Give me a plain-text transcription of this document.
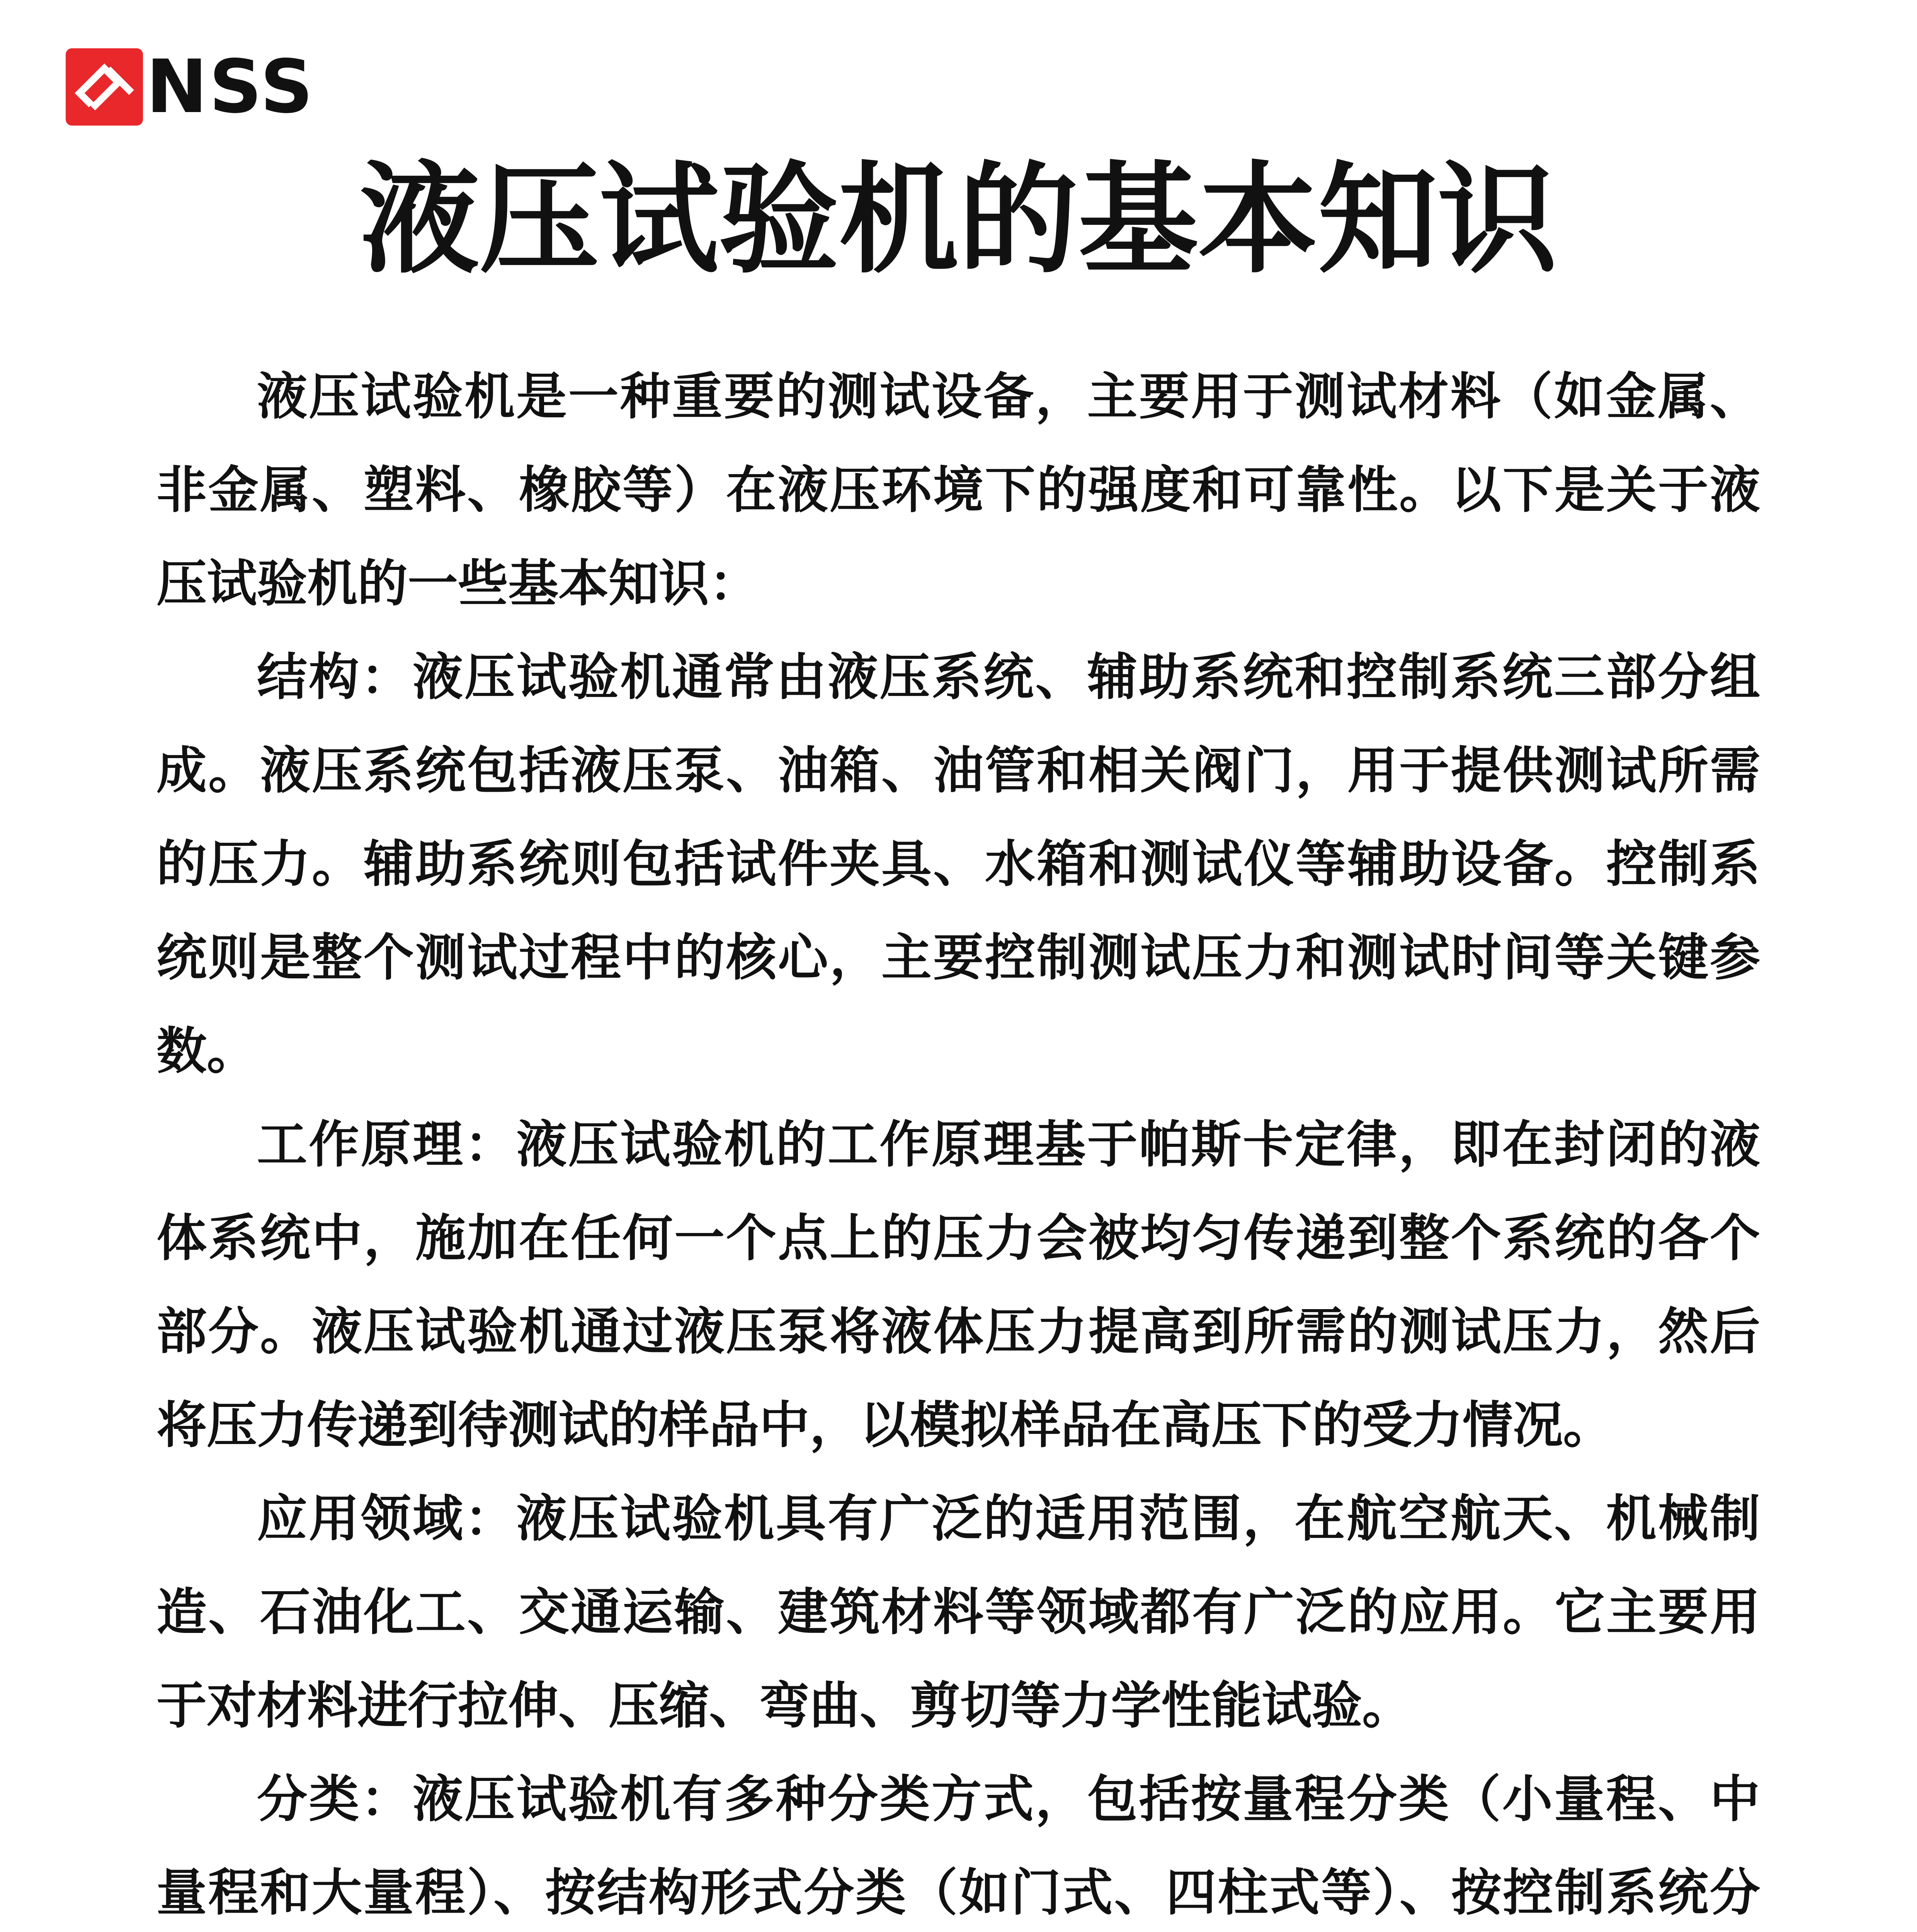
NSS
液压试验机的基本知识

液压试验机是一种重要的测试设备，主要用于测试材料（如金属、非金属、塑料、橡胶等）在液压环境下的强度和可靠性。以下是关于液压试验机的一些基本知识：

结构：液压试验机通常由液压系统、辅助系统和控制系统三部分组成。液压系统包括液压泵、油箱、油管和相关阀门，用于提供测试所需的压力。辅助系统则包括试件夹具、水箱和测试仪等辅助设备。控制系统则是整个测试过程中的核心，主要控制测试压力和测试时间等关键参数。

工作原理：液压试验机的工作原理基于帕斯卡定律，即在封闭的液体系统中，施加在任何一个点上的压力会被均匀传递到整个系统的各个部分。液压试验机通过液压泵将液体压力提高到所需的测试压力，然后将压力传递到待测试的样品中，以模拟样品在高压下的受力情况。

应用领域：液压试验机具有广泛的适用范围，在航空航天、机械制造、石油化工、交通运输、建筑材料等领域都有广泛的应用。它主要用于对材料进行拉伸、压缩、弯曲、剪切等力学性能试验。

分类：液压试验机有多种分类方式，包括按量程分类（小量程、中量程和大量程）、按结构形式分类（如门式、四柱式等）、按控制系统分
